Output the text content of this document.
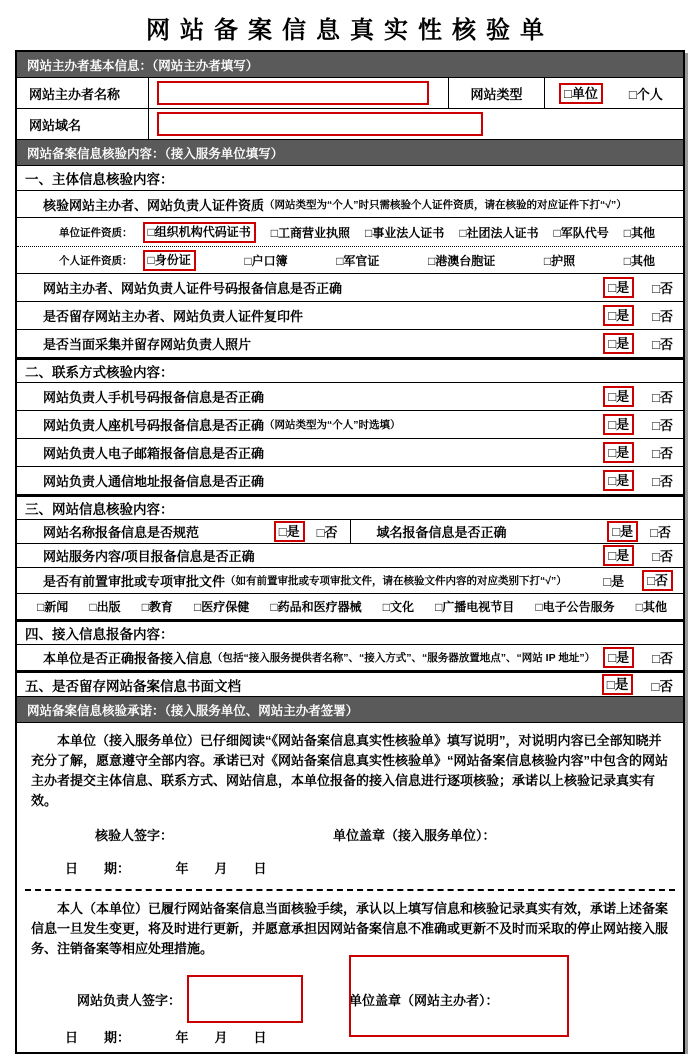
网站备案信息真实性核验单
网站主办者基本信息：（网站主办者填写）
网站主办者名称	网站类型	□单位	□个人
网站域名
网站备案信息核验内容：（接入服务单位填写）
一、主体信息核验内容：
核验网站主办者、网站负责人证件资质 （网站类型为“个人”时只需核验个人证件资质，请在核验的对应证件下打“√”）
单位证件资质：	□组织机构代码证书	□工商营业执照 □事业法人证书 □社团法人证书 □军队代号 □其他
个人证件资质：	□身份证	□户口簿	□军官证	□港澳台胞证	□护照	□其他
网站主办者、网站负责人证件号码报备信息是否正确	□是	□否
是否留存网站主办者、网站负责人证件复印件	□是	□否
是否当面采集并留存网站负责人照片	□是	□否
二、联系方式核验内容：
网站负责人手机号码报备信息是否正确	□是	□否
网站负责人座机号码报备信息是否正确 （网站类型为“个人”时选填）	□是	□否
网站负责人电子邮箱报备信息是否正确	□是	□否
网站负责人通信地址报备信息是否正确	□是	□否
三、网站信息核验内容：
网站名称报备信息是否规范	□是	□否	域名报备信息是否正确	□是	□否
网站服务内容/项目报备信息是否正确	□是	□否
是否有前置审批或专项审批文件 （如有前置审批或专项审批文件，请在核验文件内容的对应类别下打“√”）	□是	□否
□新闻 □出版 □教育 □医疗保健 □药品和医疗器械 □文化 □广播电视节目 □电子公告服务 □其他
四、接入信息报备内容：
本单位是否正确报备接入信息 （包括“接入服务提供者名称”、“接入方式”、“服务器放置地点”、“网站 IP 地址”）	□是	□否
五、是否留存网站备案信息书面文档	□是	□否
网站备案信息核验承诺：（接入服务单位、网站主办者签署）

本单位（接入服务单位）已仔细阅读“《网站备案信息真实性核验单》填写说明”，对说明内容已全部知晓并充分了解，愿意遵守全部内容。承诺已对《网站备案信息真实性核验单》“网站备案信息核验内容”中包含的网站主办者提交主体信息、联系方式、网站信息，本单位报备的接入信息进行逐项核验；承诺以上核验记录真实有效。

核验人签字：	单位盖章（接入服务单位）：
日　　期：　　　　年　　月　　日

本人（本单位）已履行网站备案信息当面核验手续，承认以上填写信息和核验记录真实有效，承诺上述备案信息一旦发生变更，将及时进行更新，并愿意承担因网站备案信息不准确或更新不及时而采取的停止网站接入服务、注销备案等相应处理措施。

网站负责人签字：	单位盖章（网站主办者）：
日　　期：　　　　年　　月　　日
